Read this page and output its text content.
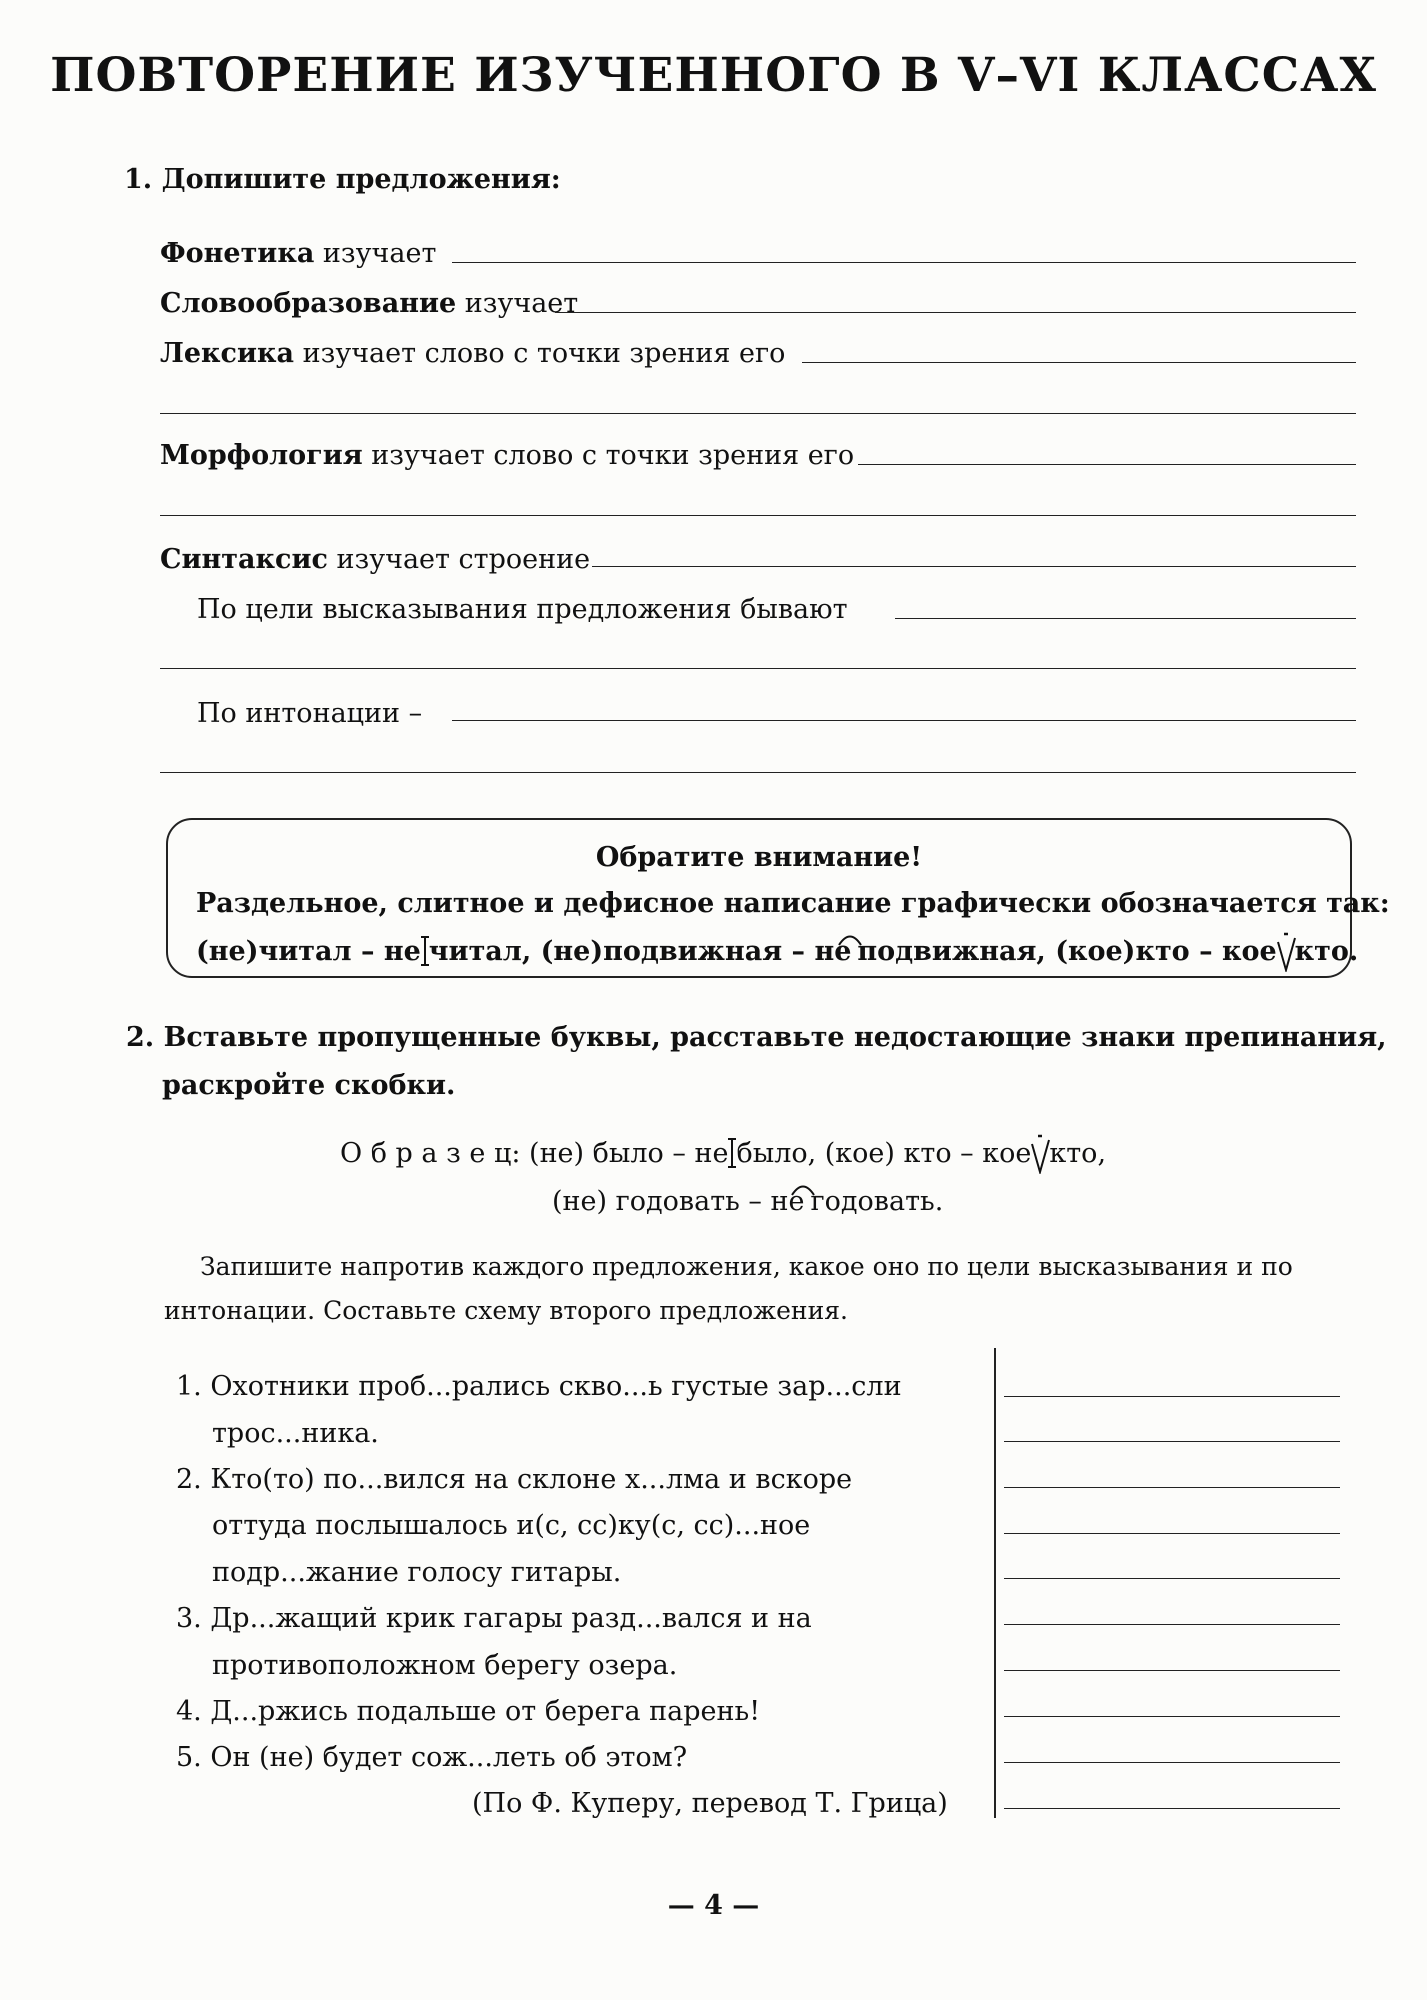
ПОВТОРЕНИЕ ИЗУЧЕННОГО В V–VI КЛАССАХ
1. Допишите предложения:
Фонетика изучает
Словообразование изучает
Лексика изучает слово с точки зрения его
Морфология изучает слово с точки зрения его
Синтаксис изучает строение
По цели высказывания предложения бывают
По интонации –
Обратите внимание!
Раздельное, слитное и дефисное написание графически обозначается так:
(не)читал – не читал, (не)подвижная – не подвижная, (кое)кто – кое кто.
2. Вставьте пропущенные буквы, расставьте недостающие знаки препинания,
раскройте скобки.
О б р а з е ц: (не) было – не было, (кое) кто – кое кто,
(не) годовать – не годовать.
Запишите напротив каждого предложения, какое оно по цели высказывания и по
интонации. Составьте схему второго предложения.
1. Охотники проб...рались скво...ь густые зар...сли
трос...ника.
2. Кто(то) по...вился на склоне х...лма и вскоре
оттуда послышалось и(с, сс)ку(с, сс)...ное
подр...жание голосу гитары.
3. Др...жащий крик гагары разд...вался и на
противоположном берегу озера.
4. Д...ржись подальше от берега парень!
5. Он (не) будет сож...леть об этом?
(По Ф. Куперу, перевод Т. Грица)
— 4 —
